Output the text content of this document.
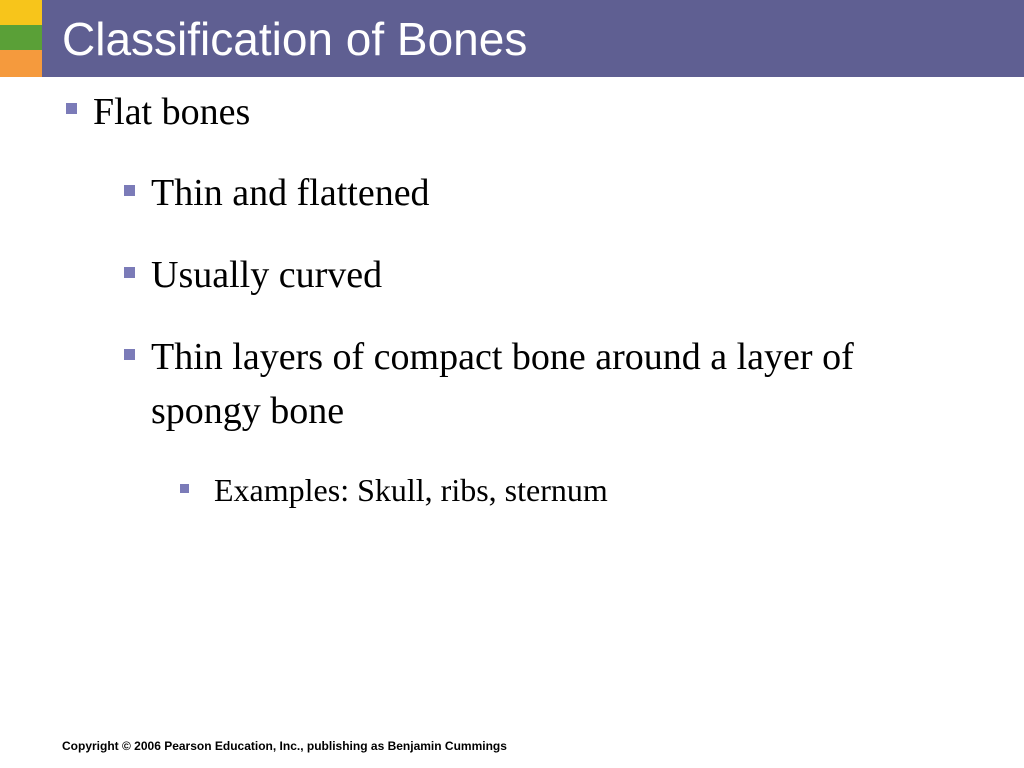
Classification of Bones

Flat bones

Thin and flattened

Usually curved

Thin layers of compact bone around a layer of spongy bone

Examples: Skull, ribs, sternum

Copyright © 2006 Pearson Education, Inc., publishing as Benjamin Cummings
